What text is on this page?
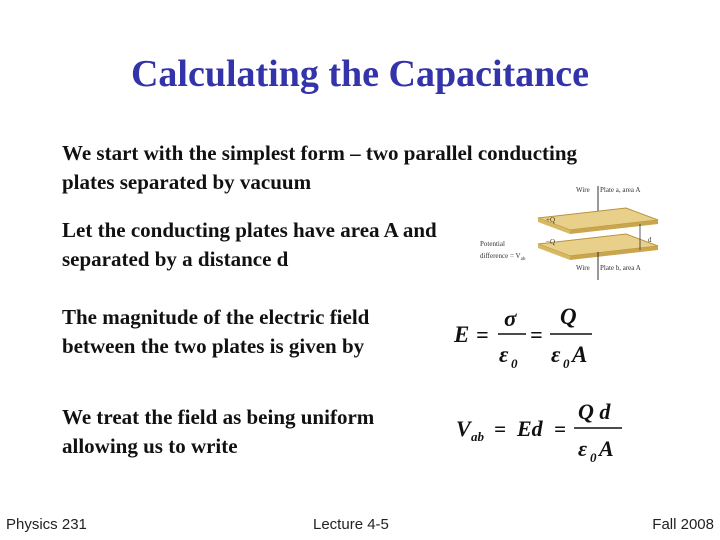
Calculating the Capacitance
We start with the simplest form – two parallel conducting
plates separated by vacuum
Let the conducting plates have area A and
separated by a distance d
The magnitude of the electric field
between the two plates is given by
We treat the field as being uniform
allowing us to write
Wire Plate a, area A
+Q
−Q	d
Potential
difference = $V_{ab}$
Wire Plate b, area A
E =
σ
ε 0
=
Q
ε 0 A
V ab = Ed =
Q d
ε 0 A
Physics 231	Lecture 4-5	Fall 2008
